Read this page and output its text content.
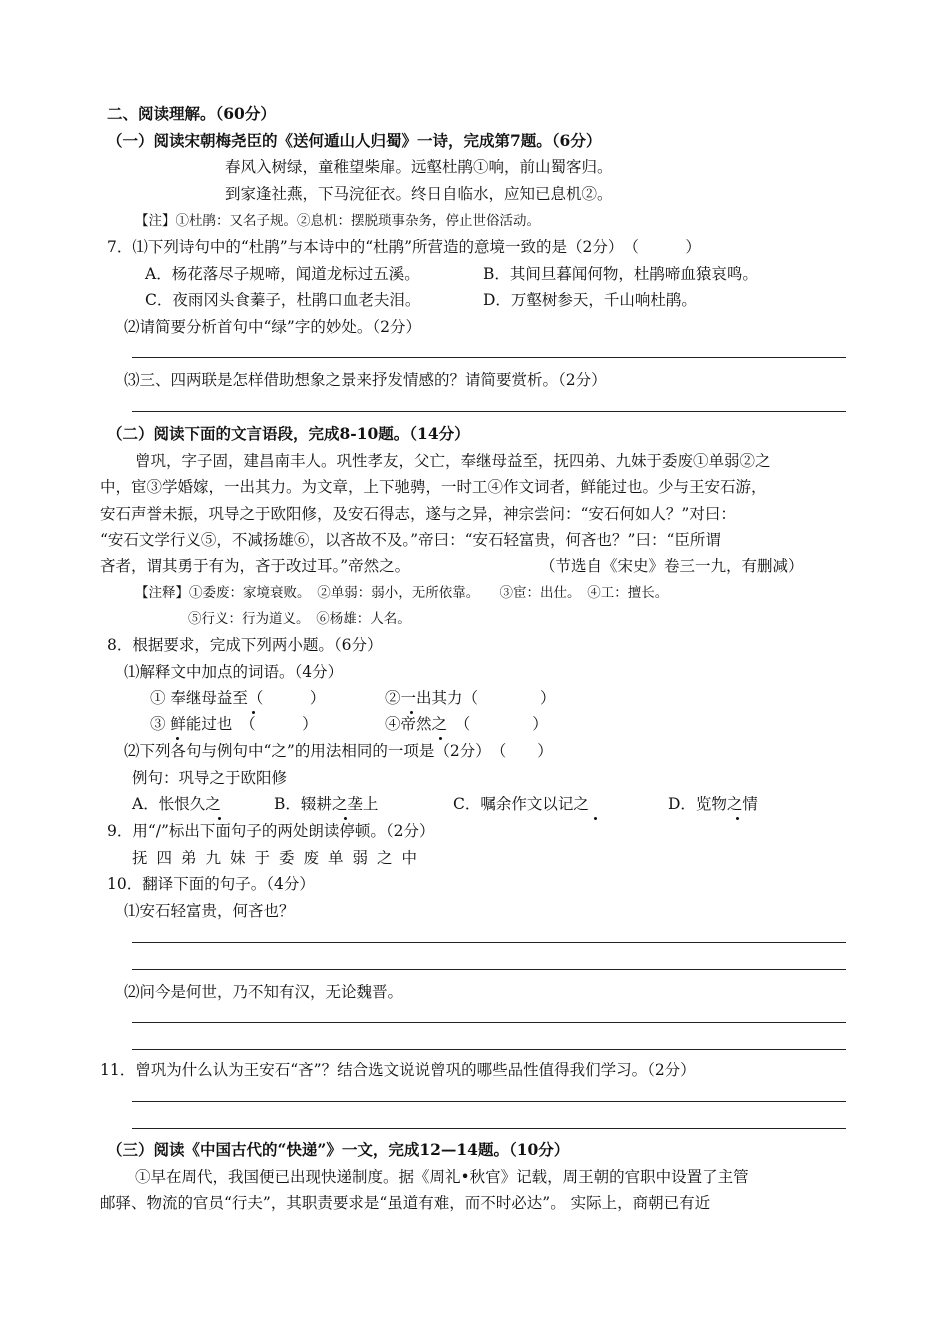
二、阅读理解。（60分）
（一）阅读宋朝梅尧臣的《送何遁山人归蜀》一诗，完成第7题。（6分）
春风入树绿，童稚望柴扉。远壑杜鹃①响，前山蜀客归。
到家逢社燕，下马浣征衣。终日自临水，应知已息机②。
【注】①杜鹃：又名子规。②息机：摆脱琐事杂务，停止世俗活动。
7．⑴下列诗句中的“杜鹃”与本诗中的“杜鹃”所营造的意境一致的是（2分）　（　　　）
A．杨花落尽子规啼，闻道龙标过五溪。	B．其间旦暮闻何物，杜鹃啼血猿哀鸣。
C．夜雨冈头食蓁子，杜鹃口血老夫泪。	D．万壑树参天，千山响杜鹃。
⑵请简要分析首句中“绿”字的妙处。（2分）
⑶三、四两联是怎样借助想象之景来抒发情感的？请简要赏析。（2分）
（二）阅读下面的文言语段，完成8-10题。（14分）
曾巩，字子固，建昌南丰人。巩性孝友，父亡，奉继母益至，抚四弟、九妹于委废①单弱②之
中，宦③学婚嫁，一出其力。为文章，上下驰骋，一时工④作文词者，鲜能过也。少与王安石游，
安石声誉未振，巩导之于欧阳修，及安石得志，遂与之异，神宗尝问：“安石何如人？”对曰：
“安石文学行义⑤，不减扬雄⑥，以吝故不及。”帝曰：“安石轻富贵，何吝也？”曰：“臣所谓
吝者，谓其勇于有为，吝于改过耳。”帝然之。	（节选自《宋史》卷三一九，有删减）
【注释】①委废：家境衰败。　②单弱：弱小，无所依靠。　　③宦：出仕。　④工：擅长。
⑤行义：行为道义。　⑥杨雄：人名。
8．根据要求，完成下列两小题。（6分）
⑴解释文中加点的词语。（4分）
① 奉继母益至（　　　）	②一出其力（　　　　）
③ 鲜能过也　（　　　）	④帝然之　（　　　　）
⑵下列各句与例句中“之”的用法相同的一项是（2分）　（　　）
例句：巩导之于欧阳修
A．怅恨久之	B．辍耕之垄上	C．嘱余作文以记之	D．览物之情
9．用“/”标出下面句子的两处朗读停顿。（2分）
抚四弟九妹于委废单弱之中
10．翻译下面的句子。（4分）
⑴安石轻富贵，何吝也？
⑵问今是何世，乃不知有汉，无论魏晋。
11．曾巩为什么认为王安石“吝”？结合选文说说曾巩的哪些品性值得我们学习。（2分）
（三）阅读《中国古代的“快递”》一文，完成12—14题。（10分）
①早在周代，我国便已出现快递制度。据《周礼•秋官》记载，周王朝的官职中设置了主管
邮驿、物流的官员“行夫”，其职责要求是“虽道有难，而不时必达”。 实际上，商朝已有近
